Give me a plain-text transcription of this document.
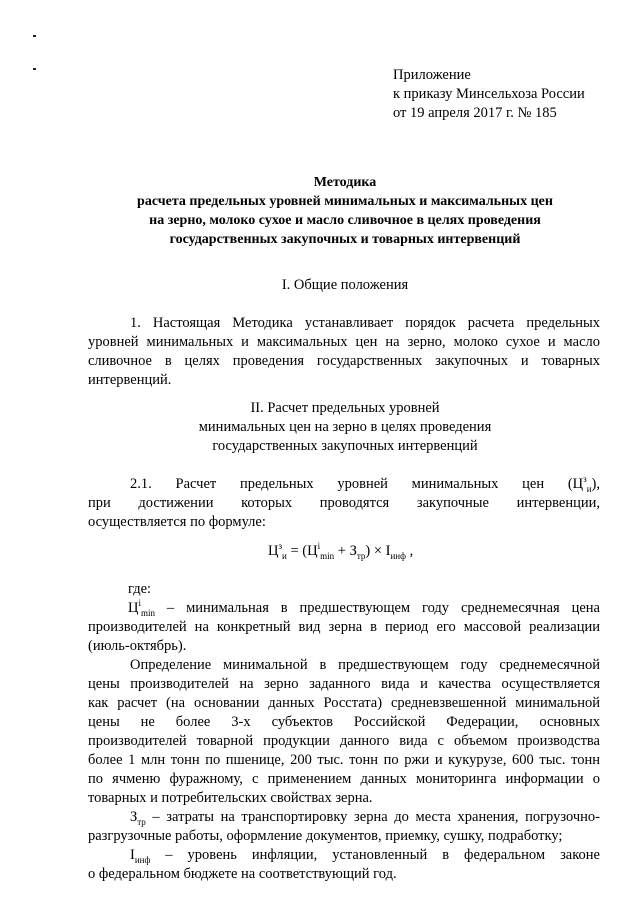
Приложение
к приказу Минсельхоза России
от 19 апреля 2017 г. № 185
Методика
расчета предельных уровней минимальных и максимальных цен
на зерно, молоко сухое и масло сливочное в целях проведения
государственных закупочных и товарных интервенций
I. Общие положения
1. Настоящая Методика устанавливает порядок расчета предельных
уровней минимальных и максимальных цен на зерно, молоко сухое и масло
сливочное в целях проведения государственных закупочных и товарных
интервенций.
II. Расчет предельных уровней
минимальных цен на зерно в целях проведения
государственных закупочных интервенций
2.1. Расчет предельных уровней минимальных цен $(Ц^з_и)$,
при достижении которых проводятся закупочные интервенции,
осуществляется по формуле:
$Ц^з_и = (Ц^i_{min} + З_{тр}) \times I_{инф}$ ,
где:
$Ц^i_{min}$ – минимальная в предшествующем году среднемесячная цена
производителей на конкретный вид зерна в период его массовой реализации
(июль-октябрь).
Определение минимальной в предшествующем году среднемесячной
цены производителей на зерно заданного вида и качества осуществляется
как расчет (на основании данных Росстата) средневзвешенной минимальной
цены не более 3-х субъектов Российской Федерации, основных
производителей товарной продукции данного вида с объемом производства
более 1 млн тонн по пшенице, 200 тыс. тонн по ржи и кукурузе, 600 тыс. тонн
по ячменю фуражному, с применением данных мониторинга информации о
товарных и потребительских свойствах зерна.
$З_{тр}$ – затраты на транспортировку зерна до места хранения, погрузочно-
разгрузочные работы, оформление документов, приемку, сушку, подработку;
$I_{инф}$ – уровень инфляции, установленный в федеральном законе
о федеральном бюджете на соответствующий год.
